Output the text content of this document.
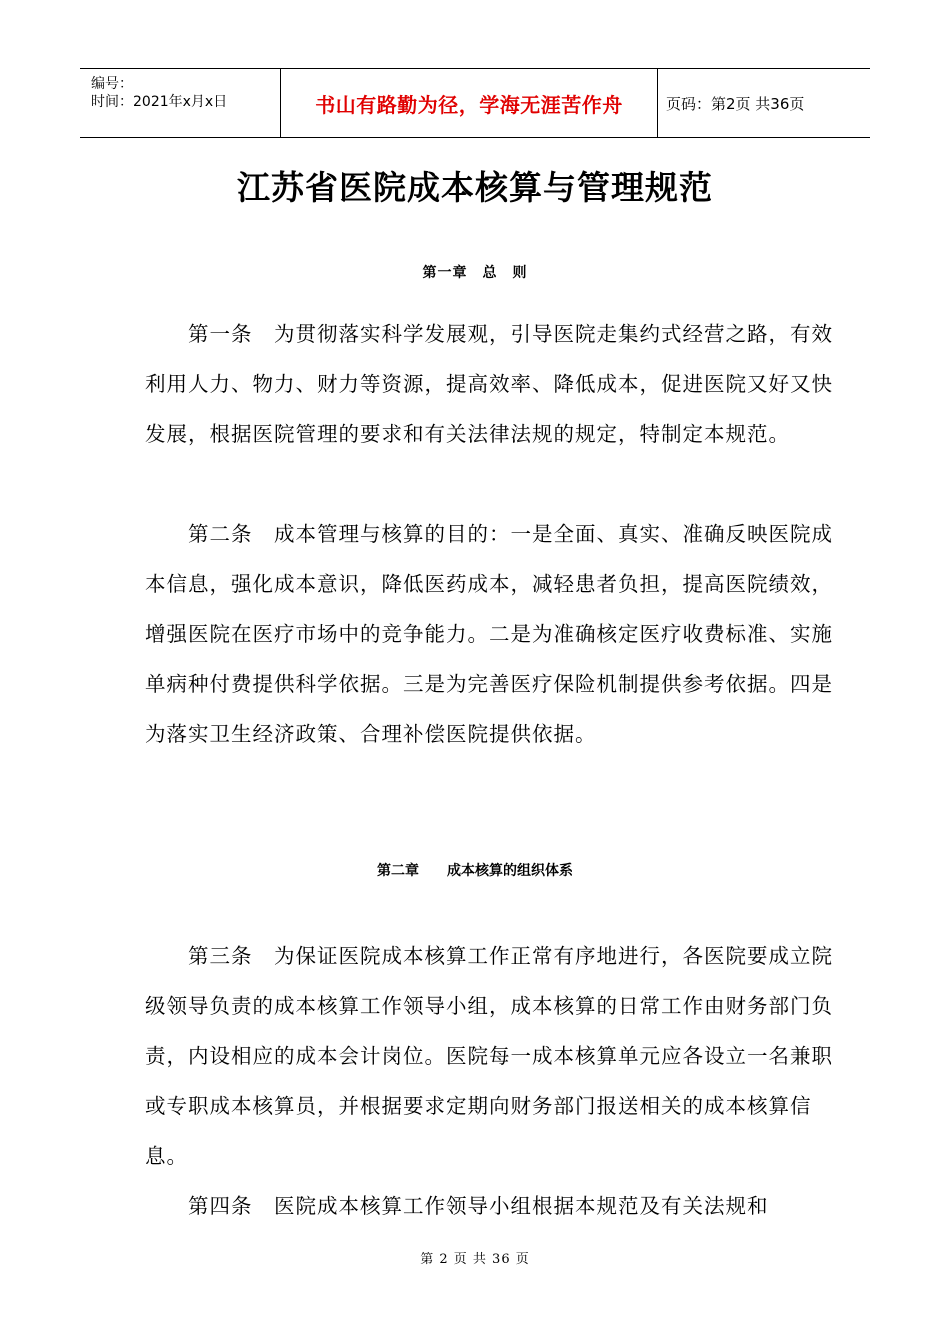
编号：
时间：2021年x月x日	书山有路勤为径，学海无涯苦作舟	页码：第2页 共36页
江苏省医院成本核算与管理规范
第一章　总　则
第一条　为贯彻落实科学发展观，引导医院走集约式经营之路，有效利用人力、物力、财力等资源，提高效率、降低成本，促进医院又好又快发展，根据医院管理的要求和有关法律法规的规定，特制定本规范。
第二条　成本管理与核算的目的：一是全面、真实、准确反映医院成本信息，强化成本意识，降低医药成本，减轻患者负担，提高医院绩效，增强医院在医疗市场中的竞争能力。二是为准确核定医疗收费标准、实施单病种付费提供科学依据。三是为完善医疗保险机制提供参考依据。四是为落实卫生经济政策、合理补偿医院提供依据。
第二章　　成本核算的组织体系
第三条　为保证医院成本核算工作正常有序地进行，各医院要成立院级领导负责的成本核算工作领导小组，成本核算的日常工作由财务部门负责，内设相应的成本会计岗位。医院每一成本核算单元应各设立一名兼职或专职成本核算员，并根据要求定期向财务部门报送相关的成本核算信息。
第四条　医院成本核算工作领导小组根据本规范及有关法规和
第 2 页 共 36 页
